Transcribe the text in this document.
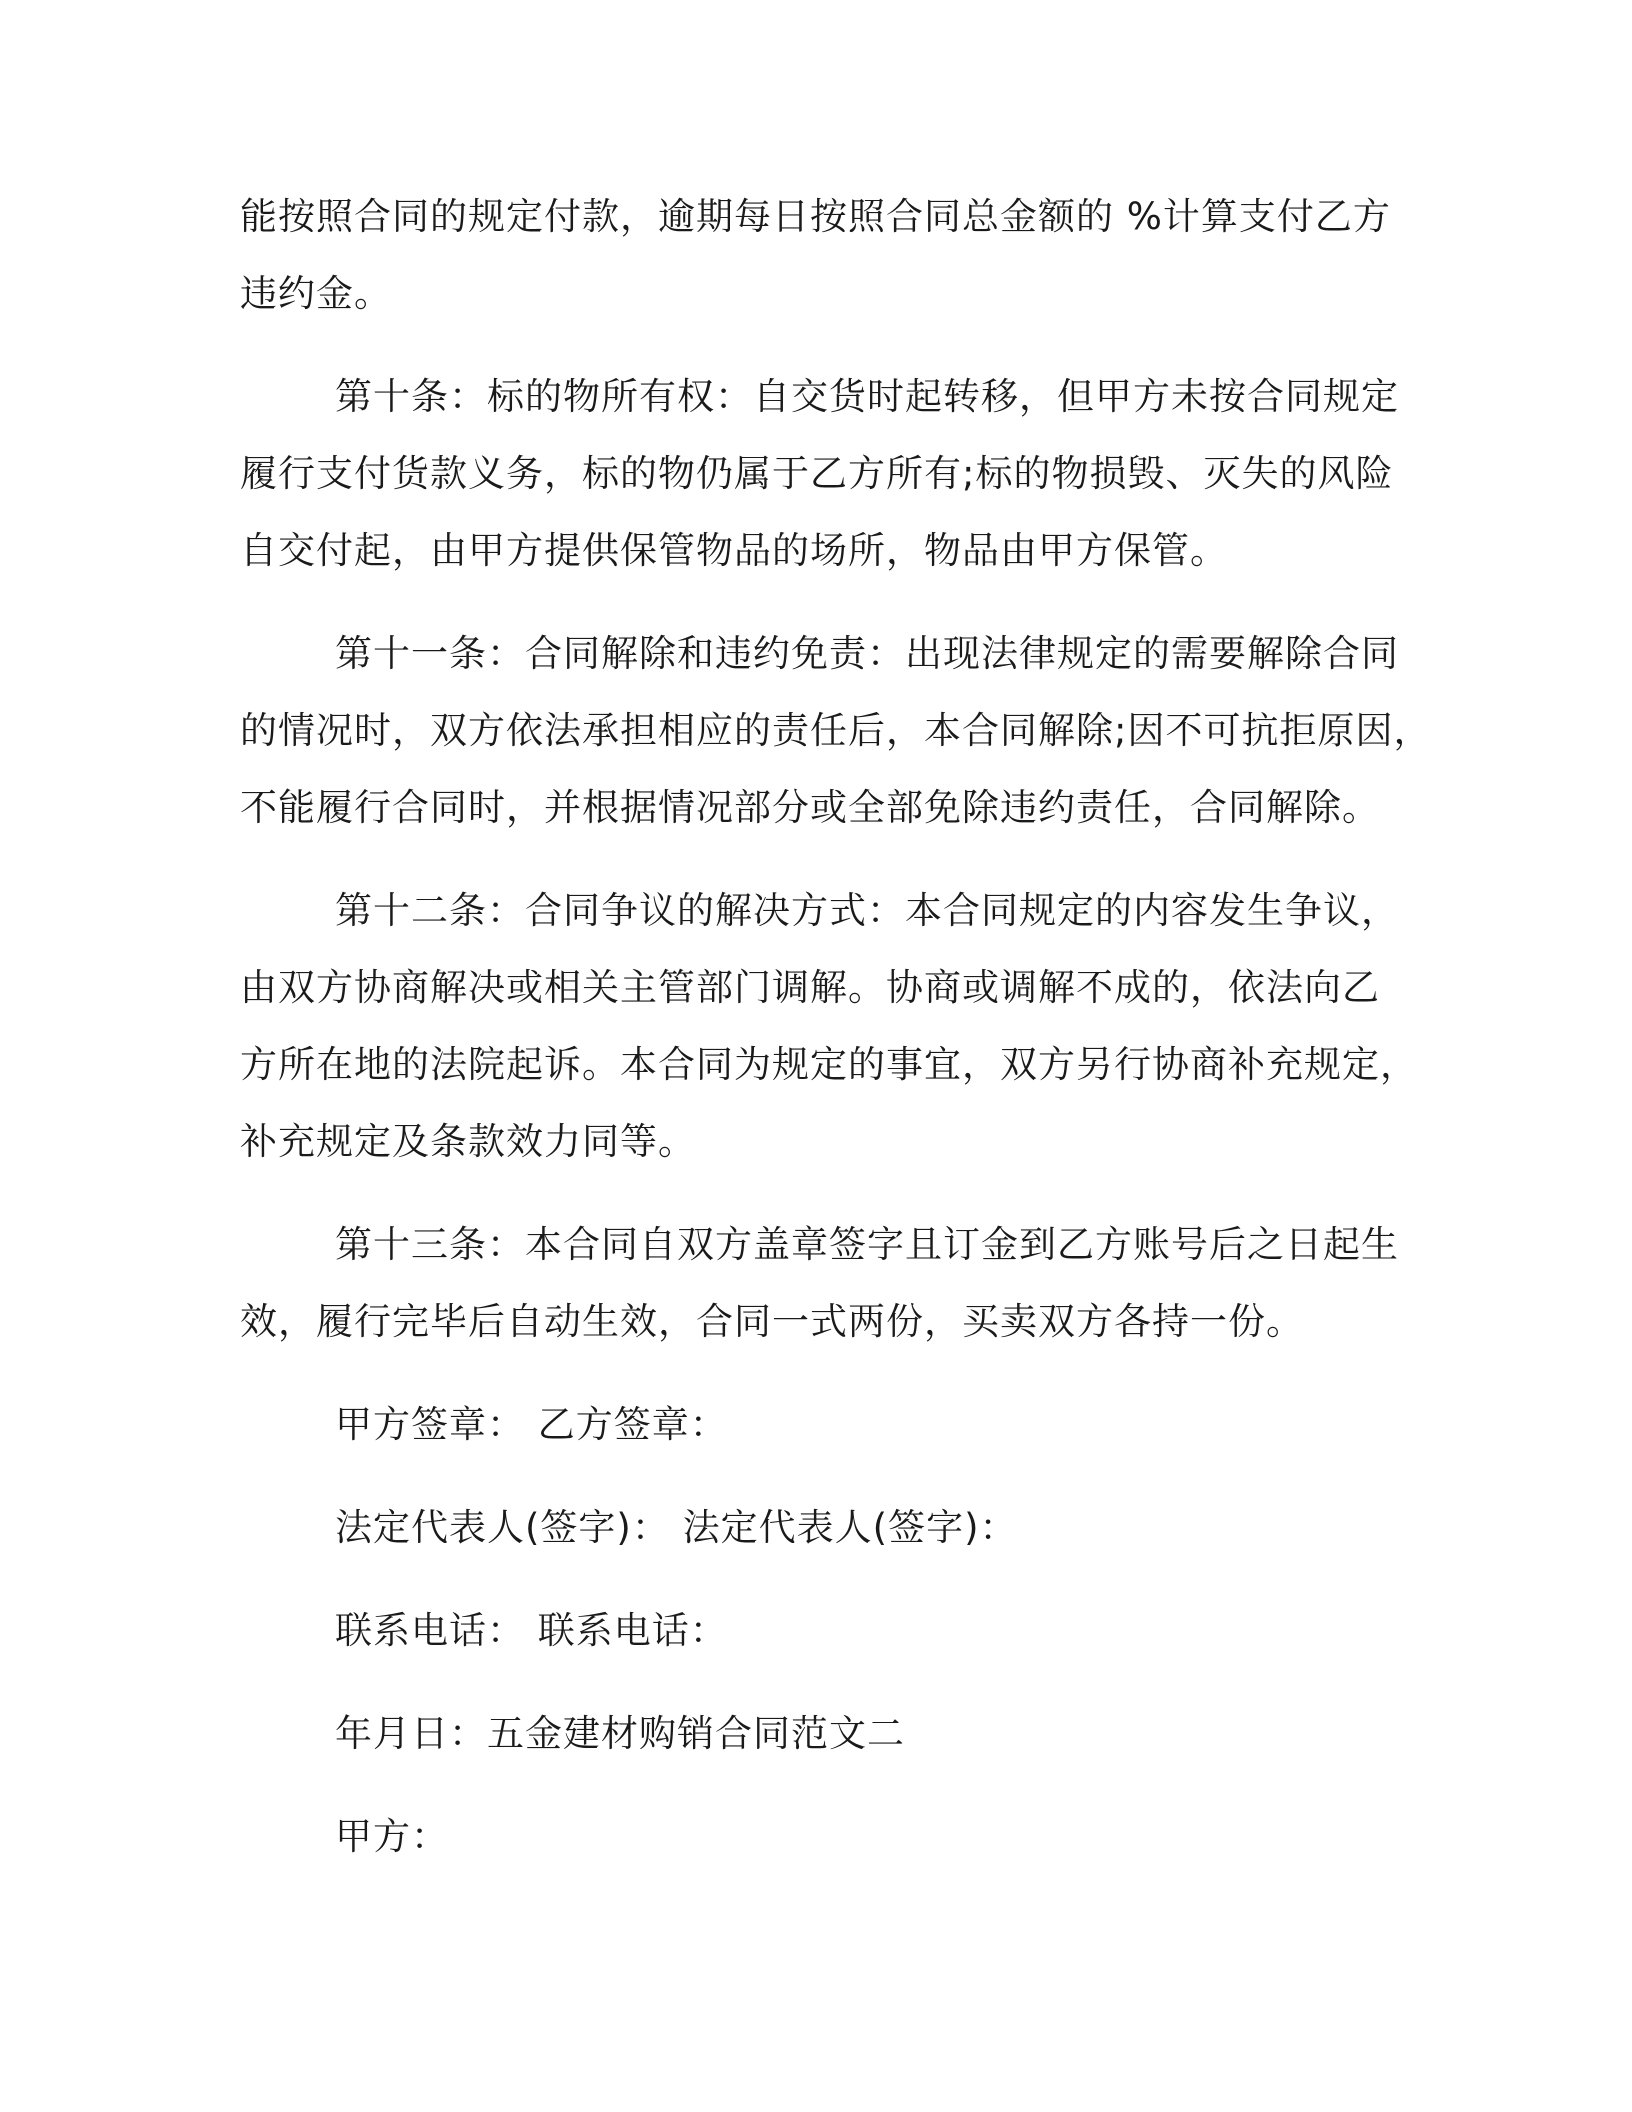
能按照合同的规定付款，逾期每日按照合同总金额的 %计算支付乙方
违约金。
第十条：标的物所有权：自交货时起转移，但甲方未按合同规定
履行支付货款义务，标的物仍属于乙方所有;标的物损毁、灭失的风险
自交付起，由甲方提供保管物品的场所，物品由甲方保管。
第十一条：合同解除和违约免责：出现法律规定的需要解除合同
的情况时，双方依法承担相应的责任后，本合同解除;因不可抗拒原因，
不能履行合同时，并根据情况部分或全部免除违约责任，合同解除。
第十二条：合同争议的解决方式：本合同规定的内容发生争议，
由双方协商解决或相关主管部门调解。协商或调解不成的，依法向乙
方所在地的法院起诉。本合同为规定的事宜，双方另行协商补充规定，
补充规定及条款效力同等。
第十三条：本合同自双方盖章签字且订金到乙方账号后之日起生
效，履行完毕后自动生效，合同一式两份，买卖双方各持一份。
甲方签章： 乙方签章：
法定代表人(签字)： 法定代表人(签字)：
联系电话： 联系电话：
年月日：五金建材购销合同范文二
甲方：
